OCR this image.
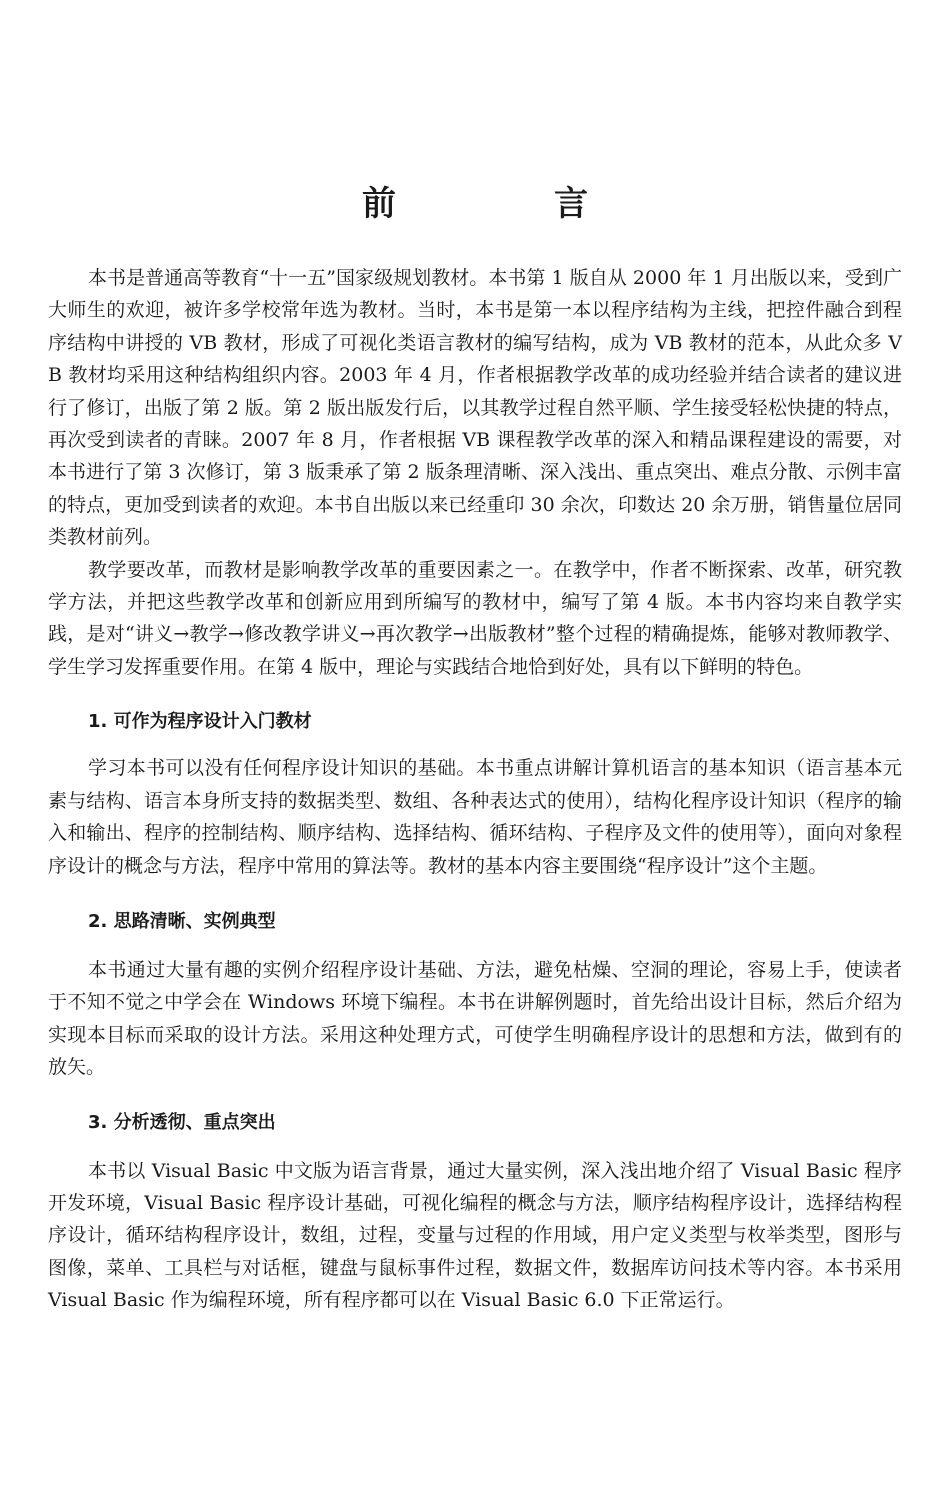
前　言

本书是普通高等教育“十一五”国家级规划教材。本书第 1 版自从 2000 年 1 月出版以来，受到广大师生的欢迎，被许多学校常年选为教材。当时，本书是第一本以程序结构为主线，把控件融合到程序结构中讲授的 VB 教材，形成了可视化类语言教材的编写结构，成为 VB 教材的范本，从此众多 VB 教材均采用这种结构组织内容。2003 年 4 月，作者根据教学改革的成功经验并结合读者的建议进行了修订，出版了第 2 版。第 2 版出版发行后，以其教学过程自然平顺、学生接受轻松快捷的特点，再次受到读者的青睐。2007 年 8 月，作者根据 VB 课程教学改革的深入和精品课程建设的需要，对本书进行了第 3 次修订，第 3 版秉承了第 2 版条理清晰、深入浅出、重点突出、难点分散、示例丰富的特点，更加受到读者的欢迎。本书自出版以来已经重印 30 余次，印数达 20 余万册，销售量位居同类教材前列。

教学要改革，而教材是影响教学改革的重要因素之一。在教学中，作者不断探索、改革，研究教学方法，并把这些教学改革和创新应用到所编写的教材中，编写了第 4 版。本书内容均来自教学实践，是对“讲义→教学→修改教学讲义→再次教学→出版教材”整个过程的精确提炼，能够对教师教学、学生学习发挥重要作用。在第 4 版中，理论与实践结合地恰到好处，具有以下鲜明的特色。

1. 可作为程序设计入门教材

学习本书可以没有任何程序设计知识的基础。本书重点讲解计算机语言的基本知识（语言基本元素与结构、语言本身所支持的数据类型、数组、各种表达式的使用），结构化程序设计知识（程序的输入和输出、程序的控制结构、顺序结构、选择结构、循环结构、子程序及文件的使用等），面向对象程序设计的概念与方法，程序中常用的算法等。教材的基本内容主要围绕“程序设计”这个主题。

2. 思路清晰、实例典型

本书通过大量有趣的实例介绍程序设计基础、方法，避免枯燥、空洞的理论，容易上手，使读者于不知不觉之中学会在 Windows 环境下编程。本书在讲解例题时，首先给出设计目标，然后介绍为实现本目标而采取的设计方法。采用这种处理方式，可使学生明确程序设计的思想和方法，做到有的放矢。

3. 分析透彻、重点突出

本书以 Visual Basic 中文版为语言背景，通过大量实例，深入浅出地介绍了 Visual Basic 程序开发环境，Visual Basic 程序设计基础，可视化编程的概念与方法，顺序结构程序设计，选择结构程序设计，循环结构程序设计，数组，过程，变量与过程的作用域，用户定义类型与枚举类型，图形与图像，菜单、工具栏与对话框，键盘与鼠标事件过程，数据文件，数据库访问技术等内容。本书采用 Visual Basic 作为编程环境，所有程序都可以在 Visual Basic 6.0 下正常运行。
